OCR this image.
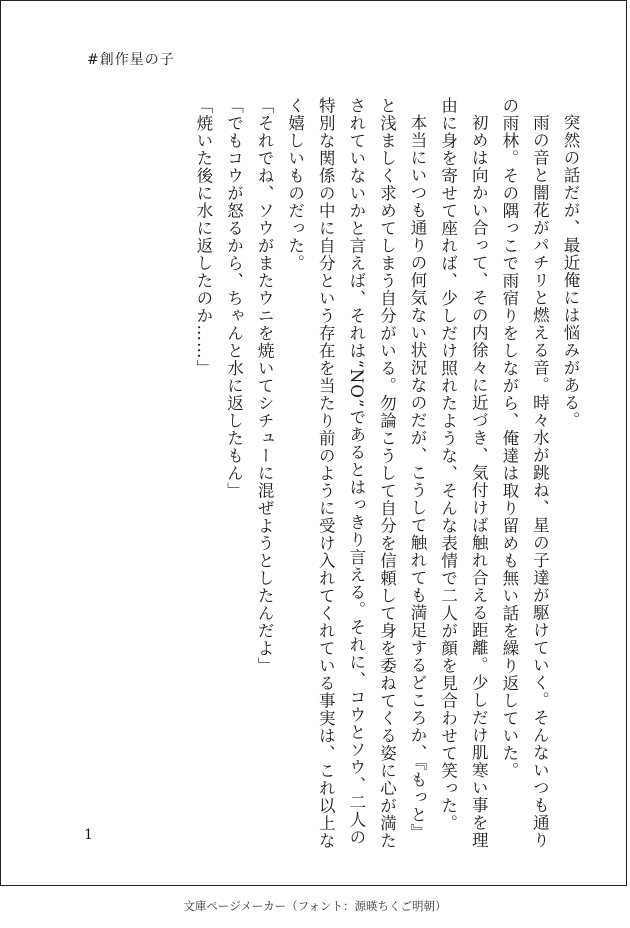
#創作星の子

突然の話だが、最近俺には悩みがある。

雨の音と闇花がパチリと燃える音。時々水が跳ね、星の子達が駆けていく。そんないつも通りの雨林。その隅っこで雨宿りをしながら、俺達は取り留めも無い話を繰り返していた。

初めは向かい合って、その内徐々に近づき、気付けば触れ合える距離。少しだけ肌寒い事を理由に身を寄せて座れば、少しだけ照れたような、そんな表情で二人が顔を見合わせて笑った。

本当にいつも通りの何気ない状況なのだが、こうして触れても満足するどころか、『もっと』と浅ましく求めてしまう自分がいる。勿論こうして自分を信頼して身を委ねてくる姿に心が満たされていないかと言えば、それは“NO”であるとはっきり言える。それに、コウとソウ、二人の特別な関係の中に自分という存在を当たり前のように受け入れてくれている事実は、これ以上なく嬉しいものだった。

「それでね、ソウがまたウニを焼いてシチューに混ぜようとしたんだよ」

「でもコウが怒るから、ちゃんと水に返したもん」

「焼いた後に水に返したのか……」

1
文庫ページメーカー（フォント：源暎ちくご明朝）
